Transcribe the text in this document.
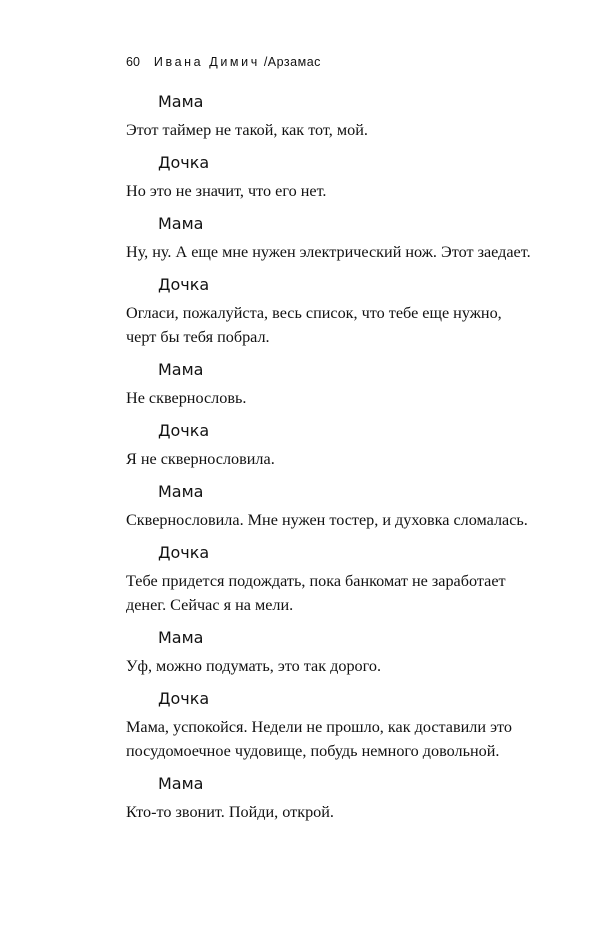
60 Ивана Димич /Арзамас
Мама

Этот таймер не такой, как тот, мой.

Дочка

Но это не значит, что его нет.

Мама

Ну, ну. А еще мне нужен электрический нож. Этот заедает.

Дочка

Огласи, пожалуйста, весь список, что тебе еще нужно,

черт бы тебя побрал.

Мама

Не сквернословь.

Дочка

Я не сквернословила.

Мама

Сквернословила. Мне нужен тостер, и духовка сломалась.

Дочка

Тебе придется подождать, пока банкомат не заработает

денег. Сейчас я на мели.

Мама

Уф, можно подумать, это так дорого.

Дочка

Мама, успокойся. Недели не прошло, как доставили это

посудомоечное чудовище, побудь немного довольной.

Мама

Кто-то звонит. Пойди, открой.
